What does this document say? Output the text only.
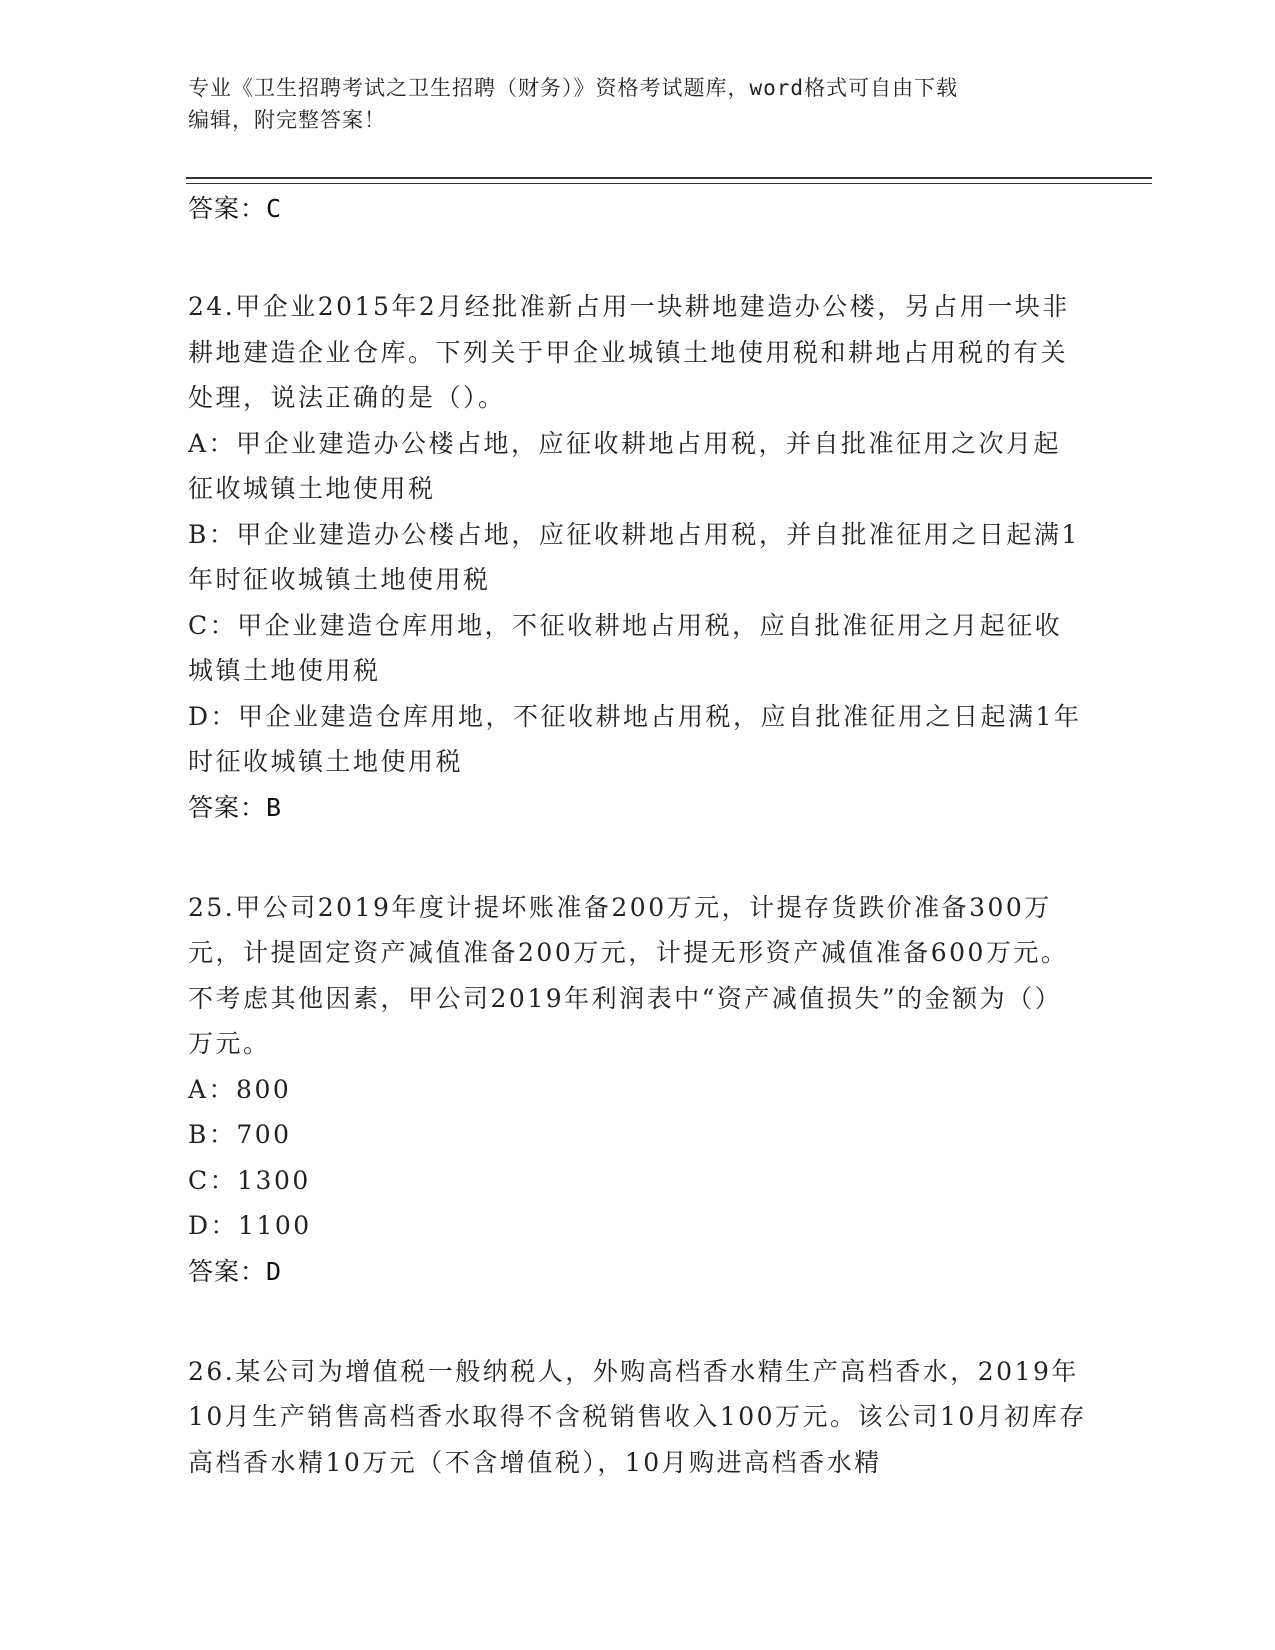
专业《卫生招聘考试之卫生招聘（财务）》资格考试题库，word格式可自由下载
编辑，附完整答案！
答案：C
24.甲企业2015年2月经批准新占用一块耕地建造办公楼，另占用一块非耕地建造企业仓库。下列关于甲企业城镇土地使用税和耕地占用税的有关处理，说法正确的是（）。
A：甲企业建造办公楼占地，应征收耕地占用税，并自批准征用之次月起征收城镇土地使用税
B：甲企业建造办公楼占地，应征收耕地占用税，并自批准征用之日起满1年时征收城镇土地使用税
C：甲企业建造仓库用地，不征收耕地占用税，应自批准征用之月起征收城镇土地使用税
D：甲企业建造仓库用地，不征收耕地占用税，应自批准征用之日起满1年时征收城镇土地使用税
答案：B
25.甲公司2019年度计提坏账准备200万元，计提存货跌价准备300万元，计提固定资产减值准备200万元，计提无形资产减值准备600万元。不考虑其他因素，甲公司2019年利润表中“资产减值损失”的金额为（）万元。
A：800
B：700
C：1300
D：1100
答案：D
26.某公司为增值税一般纳税人，外购高档香水精生产高档香水，2019年10月生产销售高档香水取得不含税销售收入100万元。该公司10月初库存高档香水精10万元（不含增值税），10月购进高档香水精
